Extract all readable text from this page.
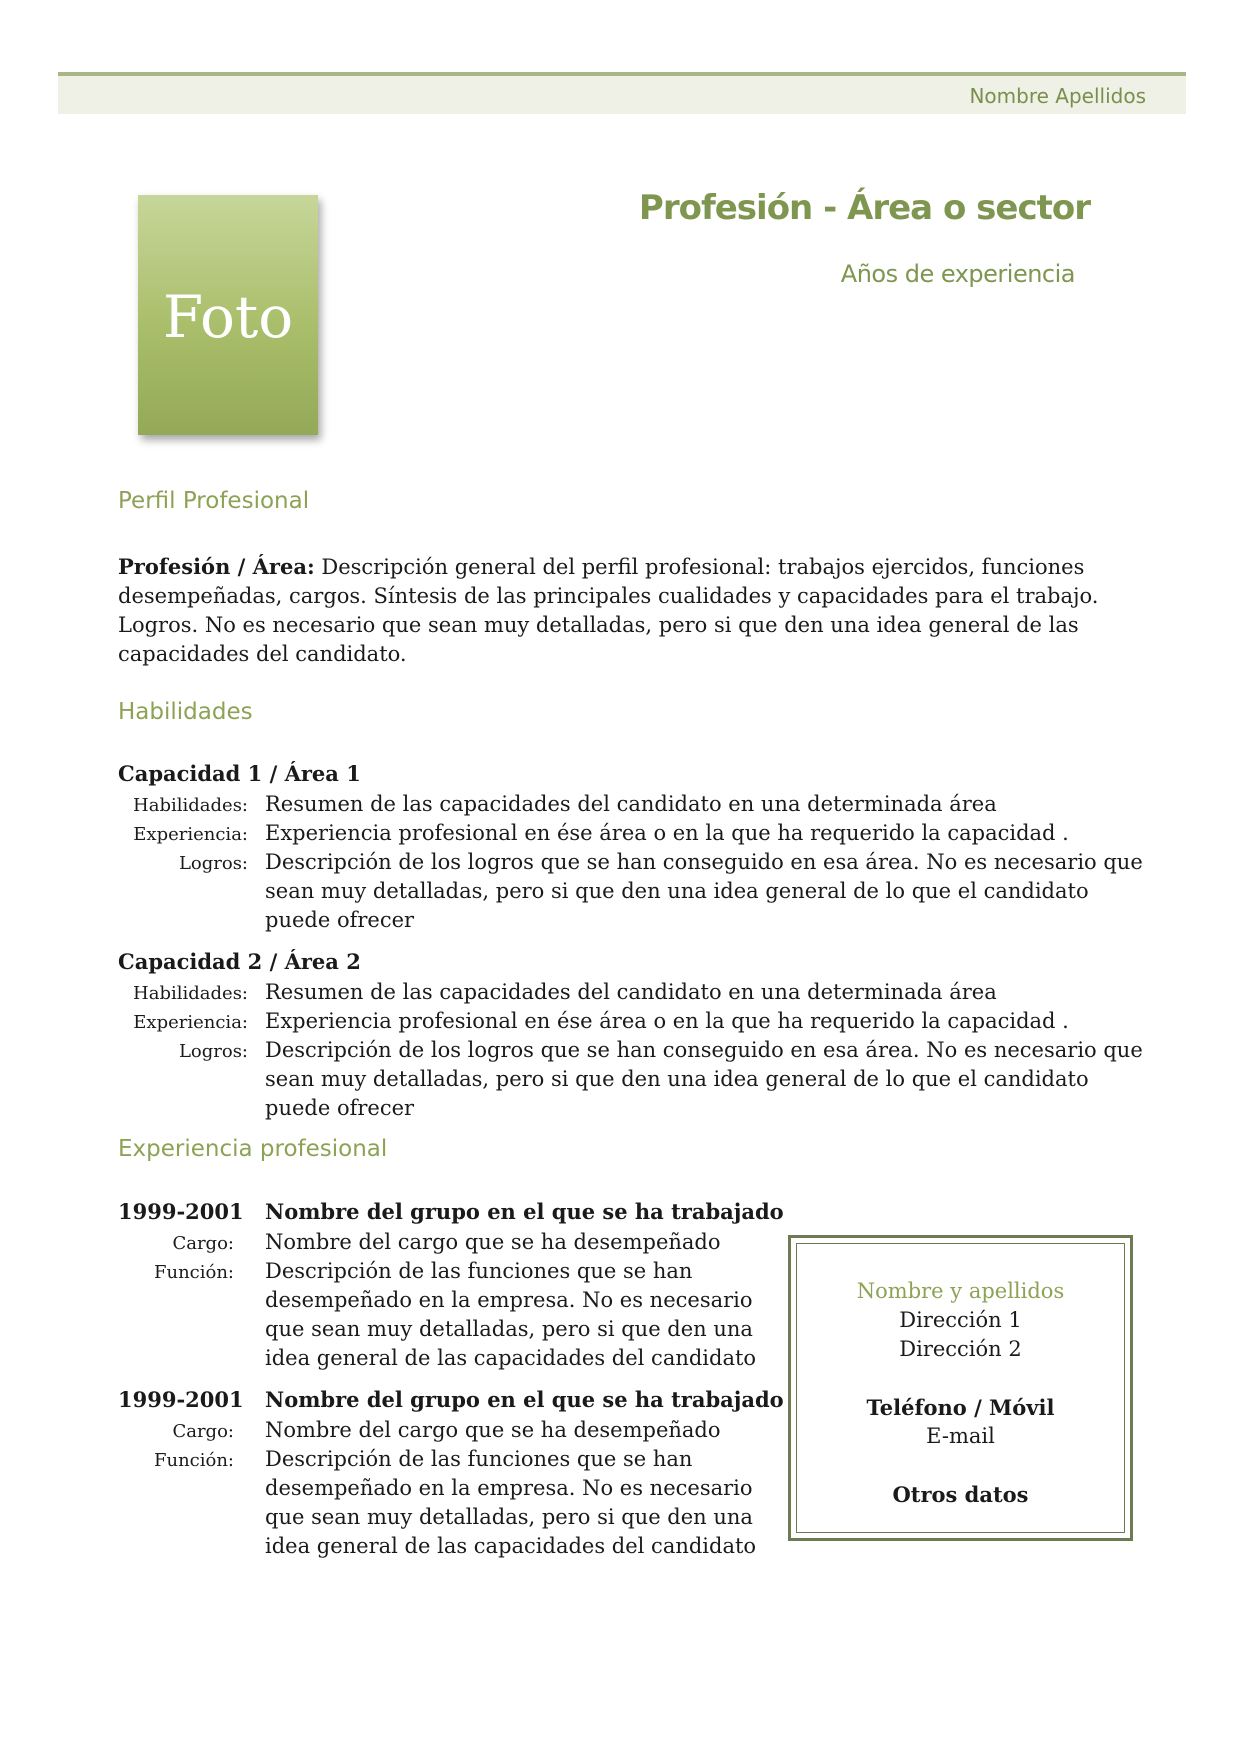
Nombre Apellidos
Foto
Profesión - Área o sector
Años de experiencia
Perfil Profesional
Profesión / Área: Descripción general del perfil profesional: trabajos ejercidos, funciones
desempeñadas, cargos. Síntesis de las principales cualidades y capacidades para el trabajo.
Logros. No es necesario que sean muy detalladas, pero si que den una idea general de las
capacidades del candidato.
Habilidades
Capacidad 1 / Área 1
Habilidades: Resumen de las capacidades del candidato en una determinada área
Experiencia: Experiencia profesional en ése área o en la que ha requerido la capacidad .
Logros: Descripción de los logros que se han conseguido en esa área. No es necesario que
sean muy detalladas, pero si que den una idea general de lo que el candidato
puede ofrecer
Capacidad 2 / Área 2
Habilidades: Resumen de las capacidades del candidato en una determinada área
Experiencia: Experiencia profesional en ése área o en la que ha requerido la capacidad .
Logros: Descripción de los logros que se han conseguido en esa área. No es necesario que
sean muy detalladas, pero si que den una idea general de lo que el candidato
puede ofrecer
Experiencia profesional
1999-2001 Nombre del grupo en el que se ha trabajado
Cargo: Nombre del cargo que se ha desempeñado
Función: Descripción de las funciones que se han
desempeñado en la empresa. No es necesario
que sean muy detalladas, pero si que den una
idea general de las capacidades del candidato
1999-2001 Nombre del grupo en el que se ha trabajado
Cargo: Nombre del cargo que se ha desempeñado
Función: Descripción de las funciones que se han
desempeñado en la empresa. No es necesario
que sean muy detalladas, pero si que den una
idea general de las capacidades del candidato
Nombre y apellidos
Dirección 1
Dirección 2
Teléfono / Móvil
E-mail
Otros datos
